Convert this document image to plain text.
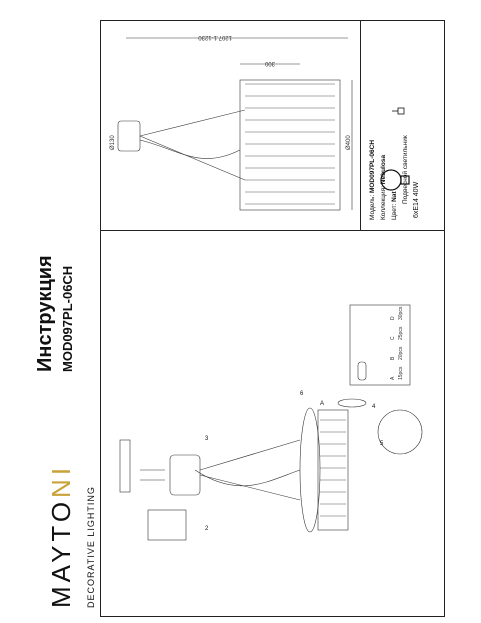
MAYTONI
DECORATIVE LIGHTING
Инструкция MOD097PL-06CH
Модель: MOD097PL-06CH
Коллекция: Nebulosa
Цвет: Nat Подвесной светильник 6xE14 40W
1207.1-1230
300
Ø400
Ø130
A 15pcs
B 20pcs
C 25pcs
D 30pcs
3
2
6
A	4
5
